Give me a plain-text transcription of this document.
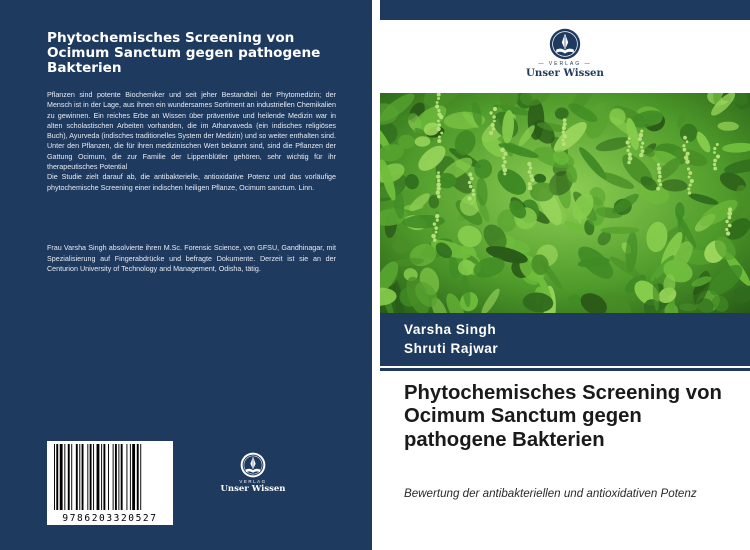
Phytochemisches Screening von Ocimum Sanctum gegen pathogene Bakterien

Pflanzen sind potente Biochemiker und seit jeher Bestandteil der Phytomedizin; der Mensch ist in der Lage, aus ihnen ein wundersames Sortiment an industriellen Chemikalien zu gewinnen. Ein reiches Erbe an Wissen über präventive und heilende Medizin war in alten scholastischen Arbeiten vorhanden, die im Atharvaveda (ein indisches religiöses Buch), Ayurveda (indisches traditionelles System der Medizin) und so weiter enthalten sind. Unter den Pflanzen, die für ihren medizinischen Wert bekannt sind, sind die Pflanzen der Gattung Ocimum, die zur Familie der Lippenblütler gehören, sehr wichtig für ihr therapeutisches Potential

Die Studie zielt darauf ab, die antibakterielle, antioxidative Potenz und das vorläufige phytochemische Screening einer indischen heiligen Pflanze, Ocimum sanctum. Linn.

Frau Varsha Singh absolvierte ihren M.Sc. Forensic Science, von GFSU, Gandhinagar, mit Spezialisierung auf Fingerabdrücke und befragte Dokumente. Derzeit ist sie an der Centurion University of Technology and Management, Odisha, tätig.

9786203320527
VERLAG
Unser Wissen
— VERLAG —
Unser Wissen
Varsha Singh
Shruti Rajwar
Phytochemisches Screening von Ocimum Sanctum gegen pathogene Bakterien

Bewertung der antibakteriellen und antioxidativen Potenz
